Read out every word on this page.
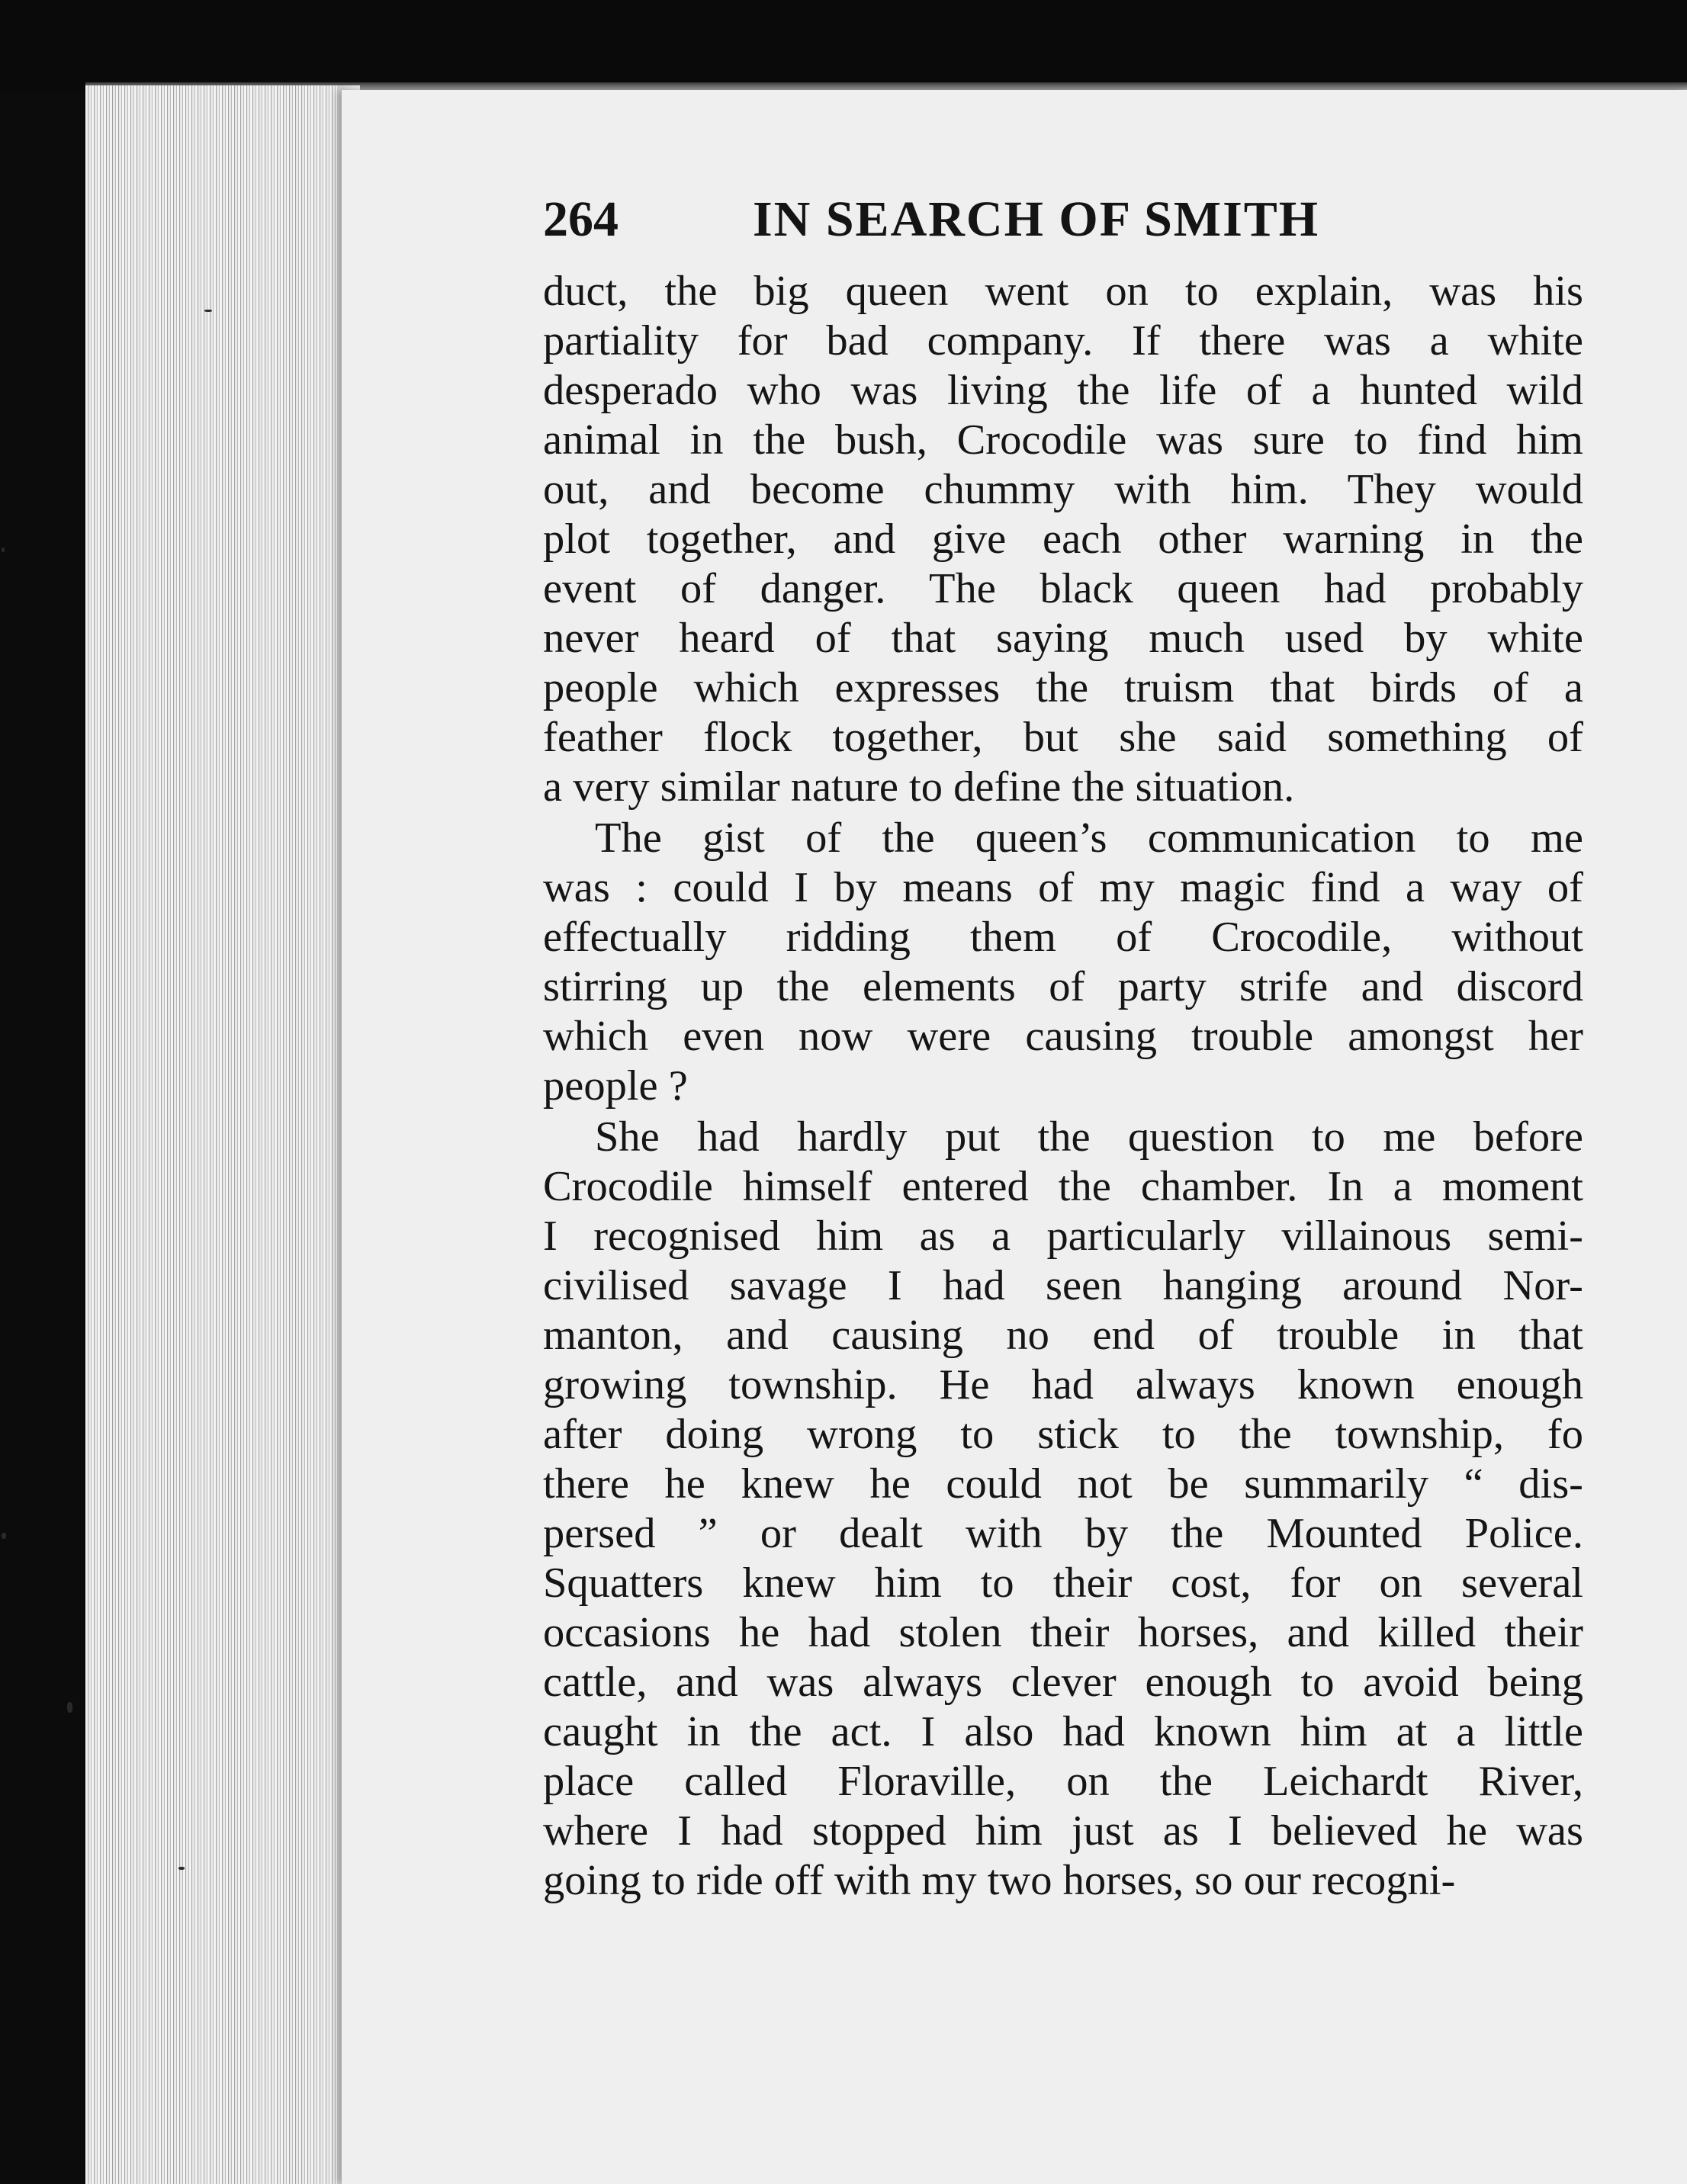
264	IN SEARCH OF SMITH
duct, the big queen went on to explain, was his
partiality for bad company. If there was a white
desperado who was living the life of a hunted wild
animal in the bush, Crocodile was sure to find him
out, and become chummy with him. They would
plot together, and give each other warning in the
event of danger. The black queen had probably
never heard of that saying much used by white
people which expresses the truism that birds of a
feather flock together, but she said something of
a very similar nature to define the situation.
The gist of the queen’s communication to me
was : could I by means of my magic find a way of
effectually ridding them of Crocodile, without
stirring up the elements of party strife and discord
which even now were causing trouble amongst her
people ?
She had hardly put the question to me before
Crocodile himself entered the chamber. In a moment
I recognised him as a particularly villainous semi-
civilised savage I had seen hanging around Nor-
manton, and causing no end of trouble in that
growing township. He had always known enough
after doing wrong to stick to the township, fo
there he knew he could not be summarily “ dis-
persed ” or dealt with by the Mounted Police.
Squatters knew him to their cost, for on several
occasions he had stolen their horses, and killed their
cattle, and was always clever enough to avoid being
caught in the act. I also had known him at a little
place called Floraville, on the Leichardt River,
where I had stopped him just as I believed he was
going to ride off with my two horses, so our recogni-
